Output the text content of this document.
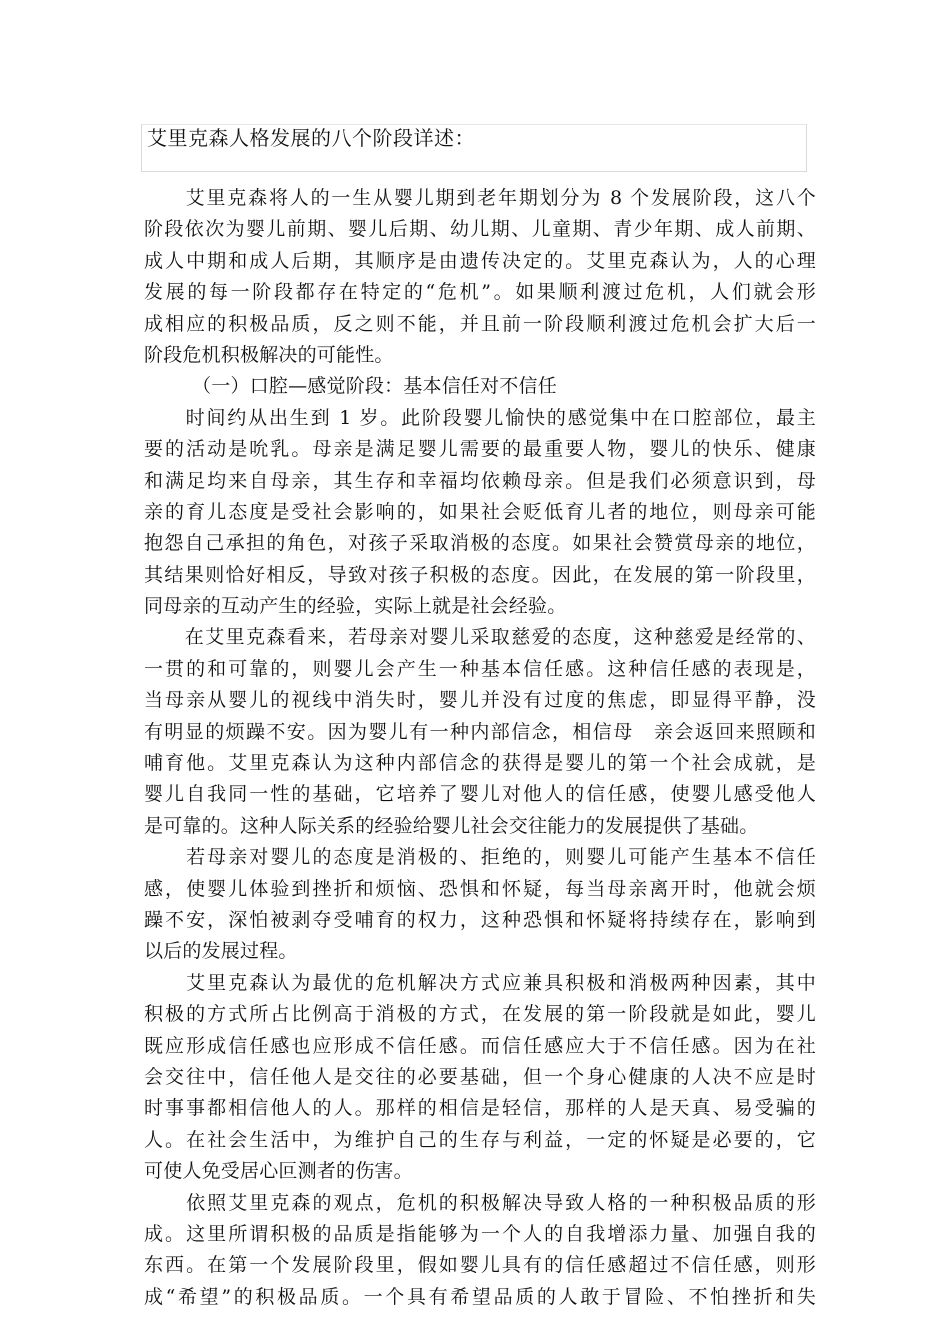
艾里克森人格发展的八个阶段详述：
　　艾里克森将人的一生从婴儿期到老年期划分为 8 个发展阶段，这八个
阶段依次为婴儿前期、婴儿后期、幼儿期、儿童期、青少年期、成人前期、
成人中期和成人后期，其顺序是由遗传决定的。艾里克森认为，人的心理
发展的每一阶段都存在特定的“危机”。如果顺利渡过危机，人们就会形
成相应的积极品质，反之则不能，并且前一阶段顺利渡过危机会扩大后一
阶段危机积极解决的可能性。
　　　（一）口腔—感觉阶段：基本信任对不信任
　　时间约从出生到 1 岁。此阶段婴儿愉快的感觉集中在口腔部位，最主
要的活动是吮乳。母亲是满足婴儿需要的最重要人物，婴儿的快乐、健康
和满足均来自母亲，其生存和幸福均依赖母亲。但是我们必须意识到，母
亲的育儿态度是受社会影响的，如果社会贬低育儿者的地位，则母亲可能
抱怨自己承担的角色，对孩子采取消极的态度。如果社会赞赏母亲的地位，
其结果则恰好相反，导致对孩子积极的态度。因此，在发展的第一阶段里，
同母亲的互动产生的经验，实际上就是社会经验。
　　在艾里克森看来，若母亲对婴儿采取慈爱的态度，这种慈爱是经常的、
一贯的和可靠的，则婴儿会产生一种基本信任感。这种信任感的表现是，
当母亲从婴儿的视线中消失时，婴儿并没有过度的焦虑，即显得平静，没
有明显的烦躁不安。因为婴儿有一种内部信念，相信母　亲会返回来照顾和
哺育他。艾里克森认为这种内部信念的获得是婴儿的第一个社会成就，是
婴儿自我同一性的基础，它培养了婴儿对他人的信任感，使婴儿感受他人
是可靠的。这种人际关系的经验给婴儿社会交往能力的发展提供了基础。
　　若母亲对婴儿的态度是消极的、拒绝的，则婴儿可能产生基本不信任
感，使婴儿体验到挫折和烦恼、恐惧和怀疑，每当母亲离开时，他就会烦
躁不安，深怕被剥夺受哺育的权力，这种恐惧和怀疑将持续存在，影响到
以后的发展过程。
　　艾里克森认为最优的危机解决方式应兼具积极和消极两种因素，其中
积极的方式所占比例高于消极的方式，在发展的第一阶段就是如此，婴儿
既应形成信任感也应形成不信任感。而信任感应大于不信任感。因为在社
会交往中，信任他人是交往的必要基础，但一个身心健康的人决不应是时
时事事都相信他人的人。那样的相信是轻信，那样的人是天真、易受骗的
人。在社会生活中，为维护自己的生存与利益，一定的怀疑是必要的，它
可使人免受居心叵测者的伤害。
　　依照艾里克森的观点，危机的积极解决导致人格的一种积极品质的形
成。这里所谓积极的品质是指能够为一个人的自我增添力量、加强自我的
东西。在第一个发展阶段里，假如婴儿具有的信任感超过不信任感，则形
成“希望”的积极品质。一个具有希望品质的人敢于冒险、不怕挫折和失
